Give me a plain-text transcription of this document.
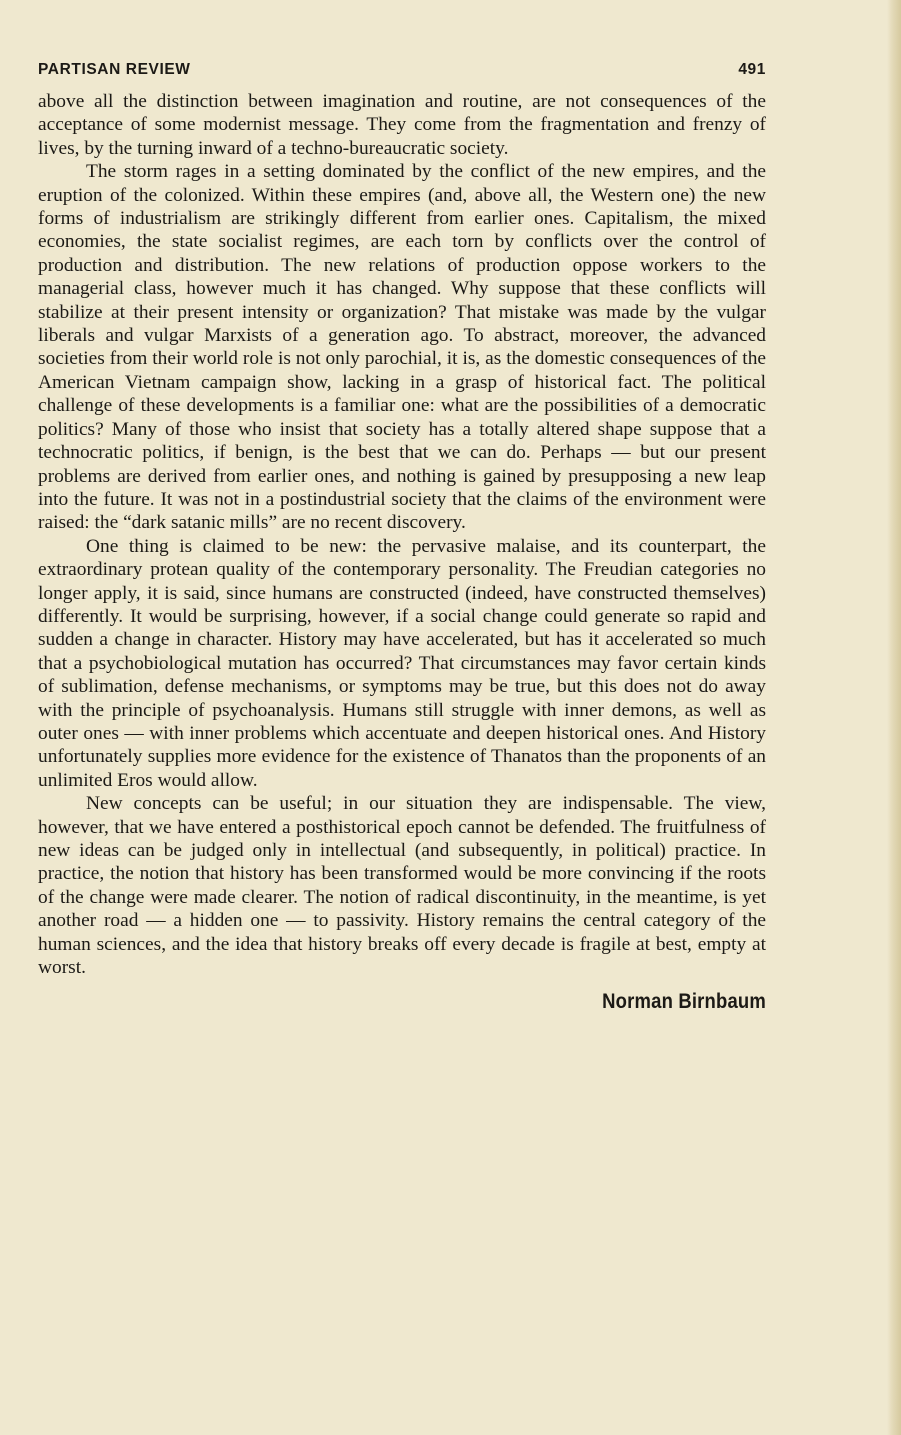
PARTISAN REVIEW	491

above all the distinction between imagination and routine, are not consequences of the acceptance of some modernist message. They come from the fragmentation and frenzy of lives, by the turning inward of a techno-bureaucratic society.

The storm rages in a setting dominated by the conflict of the new empires, and the eruption of the colonized. Within these empires (and, above all, the Western one) the new forms of industrialism are strikingly different from earlier ones. Capitalism, the mixed economies, the state socialist regimes, are each torn by conflicts over the control of production and distribution. The new relations of production oppose workers to the managerial class, however much it has changed. Why suppose that these conflicts will stabilize at their present intensity or organization? That mistake was made by the vulgar liberals and vulgar Marxists of a generation ago. To abstract, moreover, the advanced societies from their world role is not only parochial, it is, as the domestic consequences of the American Vietnam campaign show, lacking in a grasp of historical fact. The political challenge of these developments is a familiar one: what are the possibilities of a democratic politics? Many of those who insist that society has a totally altered shape suppose that a technocratic politics, if benign, is the best that we can do. Perhaps — but our present problems are derived from earlier ones, and nothing is gained by presupposing a new leap into the future. It was not in a postindustrial society that the claims of the environment were raised: the “dark satanic mills” are no recent discovery.

One thing is claimed to be new: the pervasive malaise, and its counterpart, the extraordinary protean quality of the contemporary personality. The Freudian categories no longer apply, it is said, since humans are constructed (indeed, have constructed themselves) differently. It would be surprising, however, if a social change could generate so rapid and sudden a change in character. History may have accelerated, but has it accelerated so much that a psychobiological mutation has occurred? That circumstances may favor certain kinds of sublimation, defense mechanisms, or symptoms may be true, but this does not do away with the principle of psychoanalysis. Humans still struggle with inner demons, as well as outer ones — with inner problems which accentuate and deepen historical ones. And History unfortunately supplies more evidence for the existence of Thanatos than the proponents of an unlimited Eros would allow.

New concepts can be useful; in our situation they are indispensable. The view, however, that we have entered a posthistorical epoch cannot be defended. The fruitfulness of new ideas can be judged only in intellectual (and subsequently, in political) practice. In practice, the notion that history has been transformed would be more convincing if the roots of the change were made clearer. The notion of radical discontinuity, in the meantime, is yet another road — a hidden one — to passivity. History remains the central category of the human sciences, and the idea that history breaks off every decade is fragile at best, empty at worst.

Norman Birnbaum
